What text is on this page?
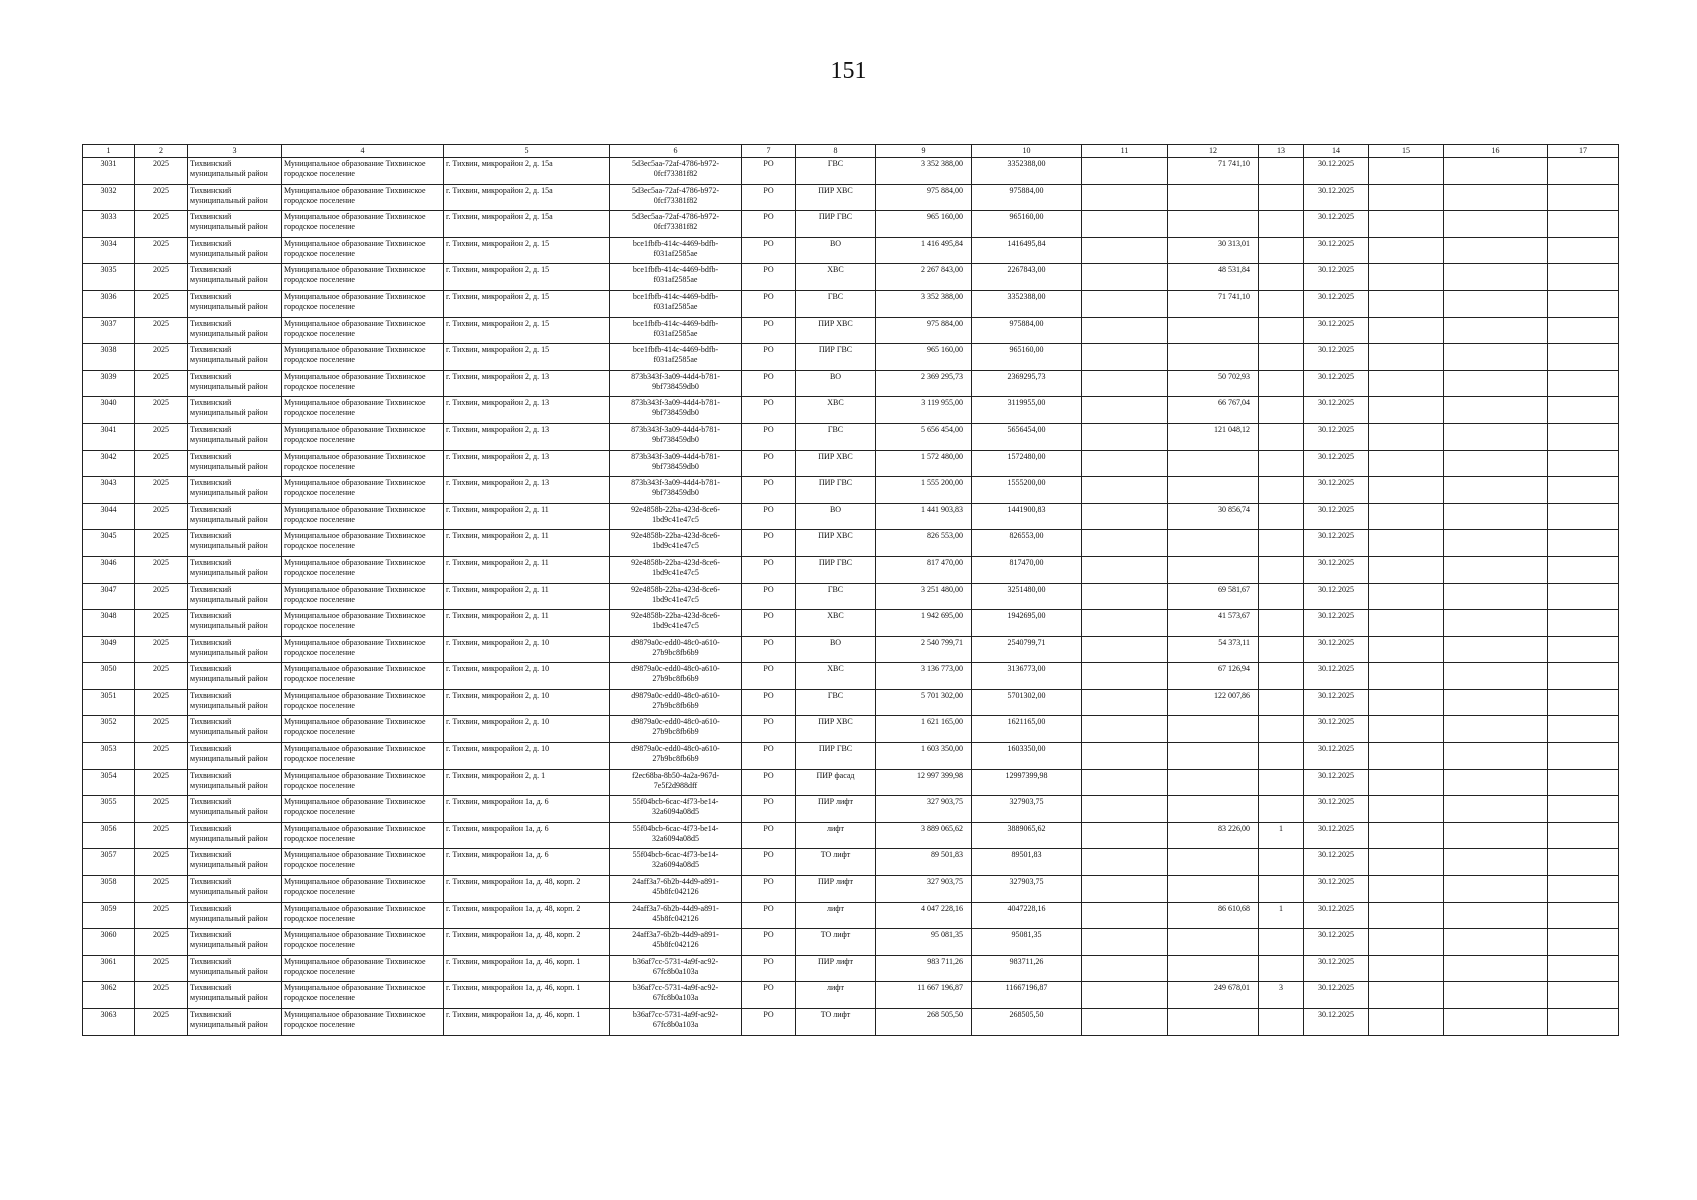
151
1	2	3	4	5	6	7	8	9	10	11	12	13	14	15	16	17
3031	2025	Тихвинский муниципальный район	Муниципальное образование Тихвинское городское поселение	г. Тихвин, микрорайон 2, д. 15а	5d3ec5aa-72af-4786-b972-0fcf73381f82	РО	ГВС	3 352 388,00	3352388,00		71 741,10		30.12.2025			
3032	2025	Тихвинский муниципальный район	Муниципальное образование Тихвинское городское поселение	г. Тихвин, микрорайон 2, д. 15а	5d3ec5aa-72af-4786-b972-0fcf73381f82	РО	ПИР ХВС	975 884,00	975884,00				30.12.2025			
3033	2025	Тихвинский муниципальный район	Муниципальное образование Тихвинское городское поселение	г. Тихвин, микрорайон 2, д. 15а	5d3ec5aa-72af-4786-b972-0fcf73381f82	РО	ПИР ГВС	965 160,00	965160,00				30.12.2025			
3034	2025	Тихвинский муниципальный район	Муниципальное образование Тихвинское городское поселение	г. Тихвин, микрорайон 2, д. 15	bce1fbfb-414c-4469-bdfb-f031af2585ae	РО	ВО	1 416 495,84	1416495,84		30 313,01		30.12.2025			
3035	2025	Тихвинский муниципальный район	Муниципальное образование Тихвинское городское поселение	г. Тихвин, микрорайон 2, д. 15	bce1fbfb-414c-4469-bdfb-f031af2585ae	РО	ХВС	2 267 843,00	2267843,00		48 531,84		30.12.2025			
3036	2025	Тихвинский муниципальный район	Муниципальное образование Тихвинское городское поселение	г. Тихвин, микрорайон 2, д. 15	bce1fbfb-414c-4469-bdfb-f031af2585ae	РО	ГВС	3 352 388,00	3352388,00		71 741,10		30.12.2025			
3037	2025	Тихвинский муниципальный район	Муниципальное образование Тихвинское городское поселение	г. Тихвин, микрорайон 2, д. 15	bce1fbfb-414c-4469-bdfb-f031af2585ae	РО	ПИР ХВС	975 884,00	975884,00				30.12.2025			
3038	2025	Тихвинский муниципальный район	Муниципальное образование Тихвинское городское поселение	г. Тихвин, микрорайон 2, д. 15	bce1fbfb-414c-4469-bdfb-f031af2585ae	РО	ПИР ГВС	965 160,00	965160,00				30.12.2025			
3039	2025	Тихвинский муниципальный район	Муниципальное образование Тихвинское городское поселение	г. Тихвин, микрорайон 2, д. 13	873b343f-3a09-44d4-b781-9bf738459db0	РО	ВО	2 369 295,73	2369295,73		50 702,93		30.12.2025			
3040	2025	Тихвинский муниципальный район	Муниципальное образование Тихвинское городское поселение	г. Тихвин, микрорайон 2, д. 13	873b343f-3a09-44d4-b781-9bf738459db0	РО	ХВС	3 119 955,00	3119955,00		66 767,04		30.12.2025			
3041	2025	Тихвинский муниципальный район	Муниципальное образование Тихвинское городское поселение	г. Тихвин, микрорайон 2, д. 13	873b343f-3a09-44d4-b781-9bf738459db0	РО	ГВС	5 656 454,00	5656454,00		121 048,12		30.12.2025			
3042	2025	Тихвинский муниципальный район	Муниципальное образование Тихвинское городское поселение	г. Тихвин, микрорайон 2, д. 13	873b343f-3a09-44d4-b781-9bf738459db0	РО	ПИР ХВС	1 572 480,00	1572480,00				30.12.2025			
3043	2025	Тихвинский муниципальный район	Муниципальное образование Тихвинское городское поселение	г. Тихвин, микрорайон 2, д. 13	873b343f-3a09-44d4-b781-9bf738459db0	РО	ПИР ГВС	1 555 200,00	1555200,00				30.12.2025			
3044	2025	Тихвинский муниципальный район	Муниципальное образование Тихвинское городское поселение	г. Тихвин, микрорайон 2, д. 11	92e4858b-22ba-423d-8ce6-1bd9c41e47c5	РО	ВО	1 441 903,83	1441900,83		30 856,74		30.12.2025			
3045	2025	Тихвинский муниципальный район	Муниципальное образование Тихвинское городское поселение	г. Тихвин, микрорайон 2, д. 11	92e4858b-22ba-423d-8ce6-1bd9c41e47c5	РО	ПИР ХВС	826 553,00	826553,00				30.12.2025			
3046	2025	Тихвинский муниципальный район	Муниципальное образование Тихвинское городское поселение	г. Тихвин, микрорайон 2, д. 11	92e4858b-22ba-423d-8ce6-1bd9c41e47c5	РО	ПИР ГВС	817 470,00	817470,00				30.12.2025			
3047	2025	Тихвинский муниципальный район	Муниципальное образование Тихвинское городское поселение	г. Тихвин, микрорайон 2, д. 11	92e4858b-22ba-423d-8ce6-1bd9c41e47c5	РО	ГВС	3 251 480,00	3251480,00		69 581,67		30.12.2025			
3048	2025	Тихвинский муниципальный район	Муниципальное образование Тихвинское городское поселение	г. Тихвин, микрорайон 2, д. 11	92e4858b-22ba-423d-8ce6-1bd9c41e47c5	РО	ХВС	1 942 695,00	1942695,00		41 573,67		30.12.2025			
3049	2025	Тихвинский муниципальный район	Муниципальное образование Тихвинское городское поселение	г. Тихвин, микрорайон 2, д. 10	d9879a0c-edd0-48c0-a610-27b9bc8fb6b9	РО	ВО	2 540 799,71	2540799,71		54 373,11		30.12.2025			
3050	2025	Тихвинский муниципальный район	Муниципальное образование Тихвинское городское поселение	г. Тихвин, микрорайон 2, д. 10	d9879a0c-edd0-48c0-a610-27b9bc8fb6b9	РО	ХВС	3 136 773,00	3136773,00		67 126,94		30.12.2025			
3051	2025	Тихвинский муниципальный район	Муниципальное образование Тихвинское городское поселение	г. Тихвин, микрорайон 2, д. 10	d9879a0c-edd0-48c0-a610-27b9bc8fb6b9	РО	ГВС	5 701 302,00	5701302,00		122 007,86		30.12.2025			
3052	2025	Тихвинский муниципальный район	Муниципальное образование Тихвинское городское поселение	г. Тихвин, микрорайон 2, д. 10	d9879a0c-edd0-48c0-a610-27b9bc8fb6b9	РО	ПИР ХВС	1 621 165,00	1621165,00				30.12.2025			
3053	2025	Тихвинский муниципальный район	Муниципальное образование Тихвинское городское поселение	г. Тихвин, микрорайон 2, д. 10	d9879a0c-edd0-48c0-a610-27b9bc8fb6b9	РО	ПИР ГВС	1 603 350,00	1603350,00				30.12.2025			
3054	2025	Тихвинский муниципальный район	Муниципальное образование Тихвинское городское поселение	г. Тихвин, микрорайон 2, д. 1	f2ec68ba-8b50-4a2a-967d-7e5f2d988dff	РО	ПИР фасад	12 997 399,98	12997399,98				30.12.2025			
3055	2025	Тихвинский муниципальный район	Муниципальное образование Тихвинское городское поселение	г. Тихвин, микрорайон 1а, д. 6	55f04bcb-6cac-4f73-be14-32a6094a08d5	РО	ПИР лифт	327 903,75	327903,75				30.12.2025			
3056	2025	Тихвинский муниципальный район	Муниципальное образование Тихвинское городское поселение	г. Тихвин, микрорайон 1а, д. 6	55f04bcb-6cac-4f73-be14-32a6094a08d5	РО	лифт	3 889 065,62	3889065,62		83 226,00	1	30.12.2025			
3057	2025	Тихвинский муниципальный район	Муниципальное образование Тихвинское городское поселение	г. Тихвин, микрорайон 1а, д. 6	55f04bcb-6cac-4f73-be14-32a6094a08d5	РО	ТО лифт	89 501,83	89501,83				30.12.2025			
3058	2025	Тихвинский муниципальный район	Муниципальное образование Тихвинское городское поселение	г. Тихвин, микрорайон 1а, д. 48, корп. 2	24aff3a7-6b2b-44d9-a891-45b8fc042126	РО	ПИР лифт	327 903,75	327903,75				30.12.2025			
3059	2025	Тихвинский муниципальный район	Муниципальное образование Тихвинское городское поселение	г. Тихвин, микрорайон 1а, д. 48, корп. 2	24aff3a7-6b2b-44d9-a891-45b8fc042126	РО	лифт	4 047 228,16	4047228,16		86 610,68	1	30.12.2025			
3060	2025	Тихвинский муниципальный район	Муниципальное образование Тихвинское городское поселение	г. Тихвин, микрорайон 1а, д. 48, корп. 2	24aff3a7-6b2b-44d9-a891-45b8fc042126	РО	ТО лифт	95 081,35	95081,35				30.12.2025			
3061	2025	Тихвинский муниципальный район	Муниципальное образование Тихвинское городское поселение	г. Тихвин, микрорайон 1а, д. 46, корп. 1	b36af7cc-5731-4a9f-ac92-67fc8b0a103a	РО	ПИР лифт	983 711,26	983711,26				30.12.2025			
3062	2025	Тихвинский муниципальный район	Муниципальное образование Тихвинское городское поселение	г. Тихвин, микрорайон 1а, д. 46, корп. 1	b36af7cc-5731-4a9f-ac92-67fc8b0a103a	РО	лифт	11 667 196,87	11667196,87		249 678,01	3	30.12.2025			
3063	2025	Тихвинский муниципальный район	Муниципальное образование Тихвинское городское поселение	г. Тихвин, микрорайон 1а, д. 46, корп. 1	b36af7cc-5731-4a9f-ac92-67fc8b0a103a	РО	ТО лифт	268 505,50	268505,50				30.12.2025			
